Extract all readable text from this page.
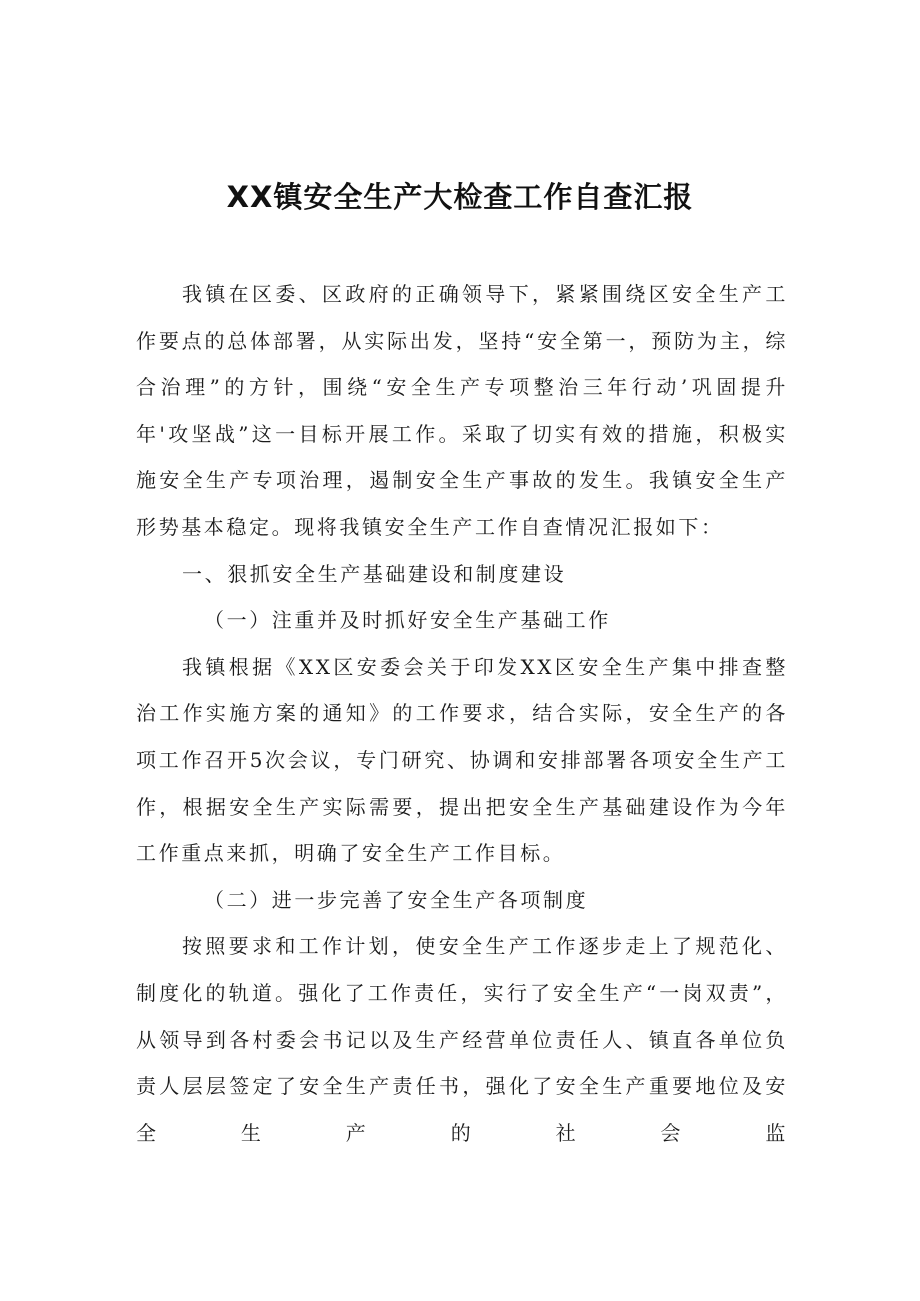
XX镇安全生产大检查工作自查汇报

我镇在区委、区政府的正确领导下，紧紧围绕区安全生产工作要点的总体部署，从实际出发，坚持“安全第一，预防为主，综合治理”的方针，围绕“安全生产专项整治三年行动’巩固提升年'攻坚战”这一目标开展工作。采取了切实有效的措施，积极实施安全生产专项治理，遏制安全生产事故的发生。我镇安全生产形势基本稳定。现将我镇安全生产工作自查情况汇报如下：

一、狠抓安全生产基础建设和制度建设

（一）注重并及时抓好安全生产基础工作

我镇根据《XX区安委会关于印发XX区安全生产集中排查整治工作实施方案的通知》的工作要求，结合实际，安全生产的各项工作召开5次会议，专门研究、协调和安排部署各项安全生产工作，根据安全生产实际需要，提出把安全生产基础建设作为今年工作重点来抓，明确了安全生产工作目标。

（二）进一步完善了安全生产各项制度

按照要求和工作计划，使安全生产工作逐步走上了规范化、制度化的轨道。强化了工作责任，实行了安全生产“一岗双责”，从领导到各村委会书记以及生产经营单位责任人、镇直各单位负责人层层签定了安全生产责任书，强化了安全生产重要地位及安全生产的社会监
